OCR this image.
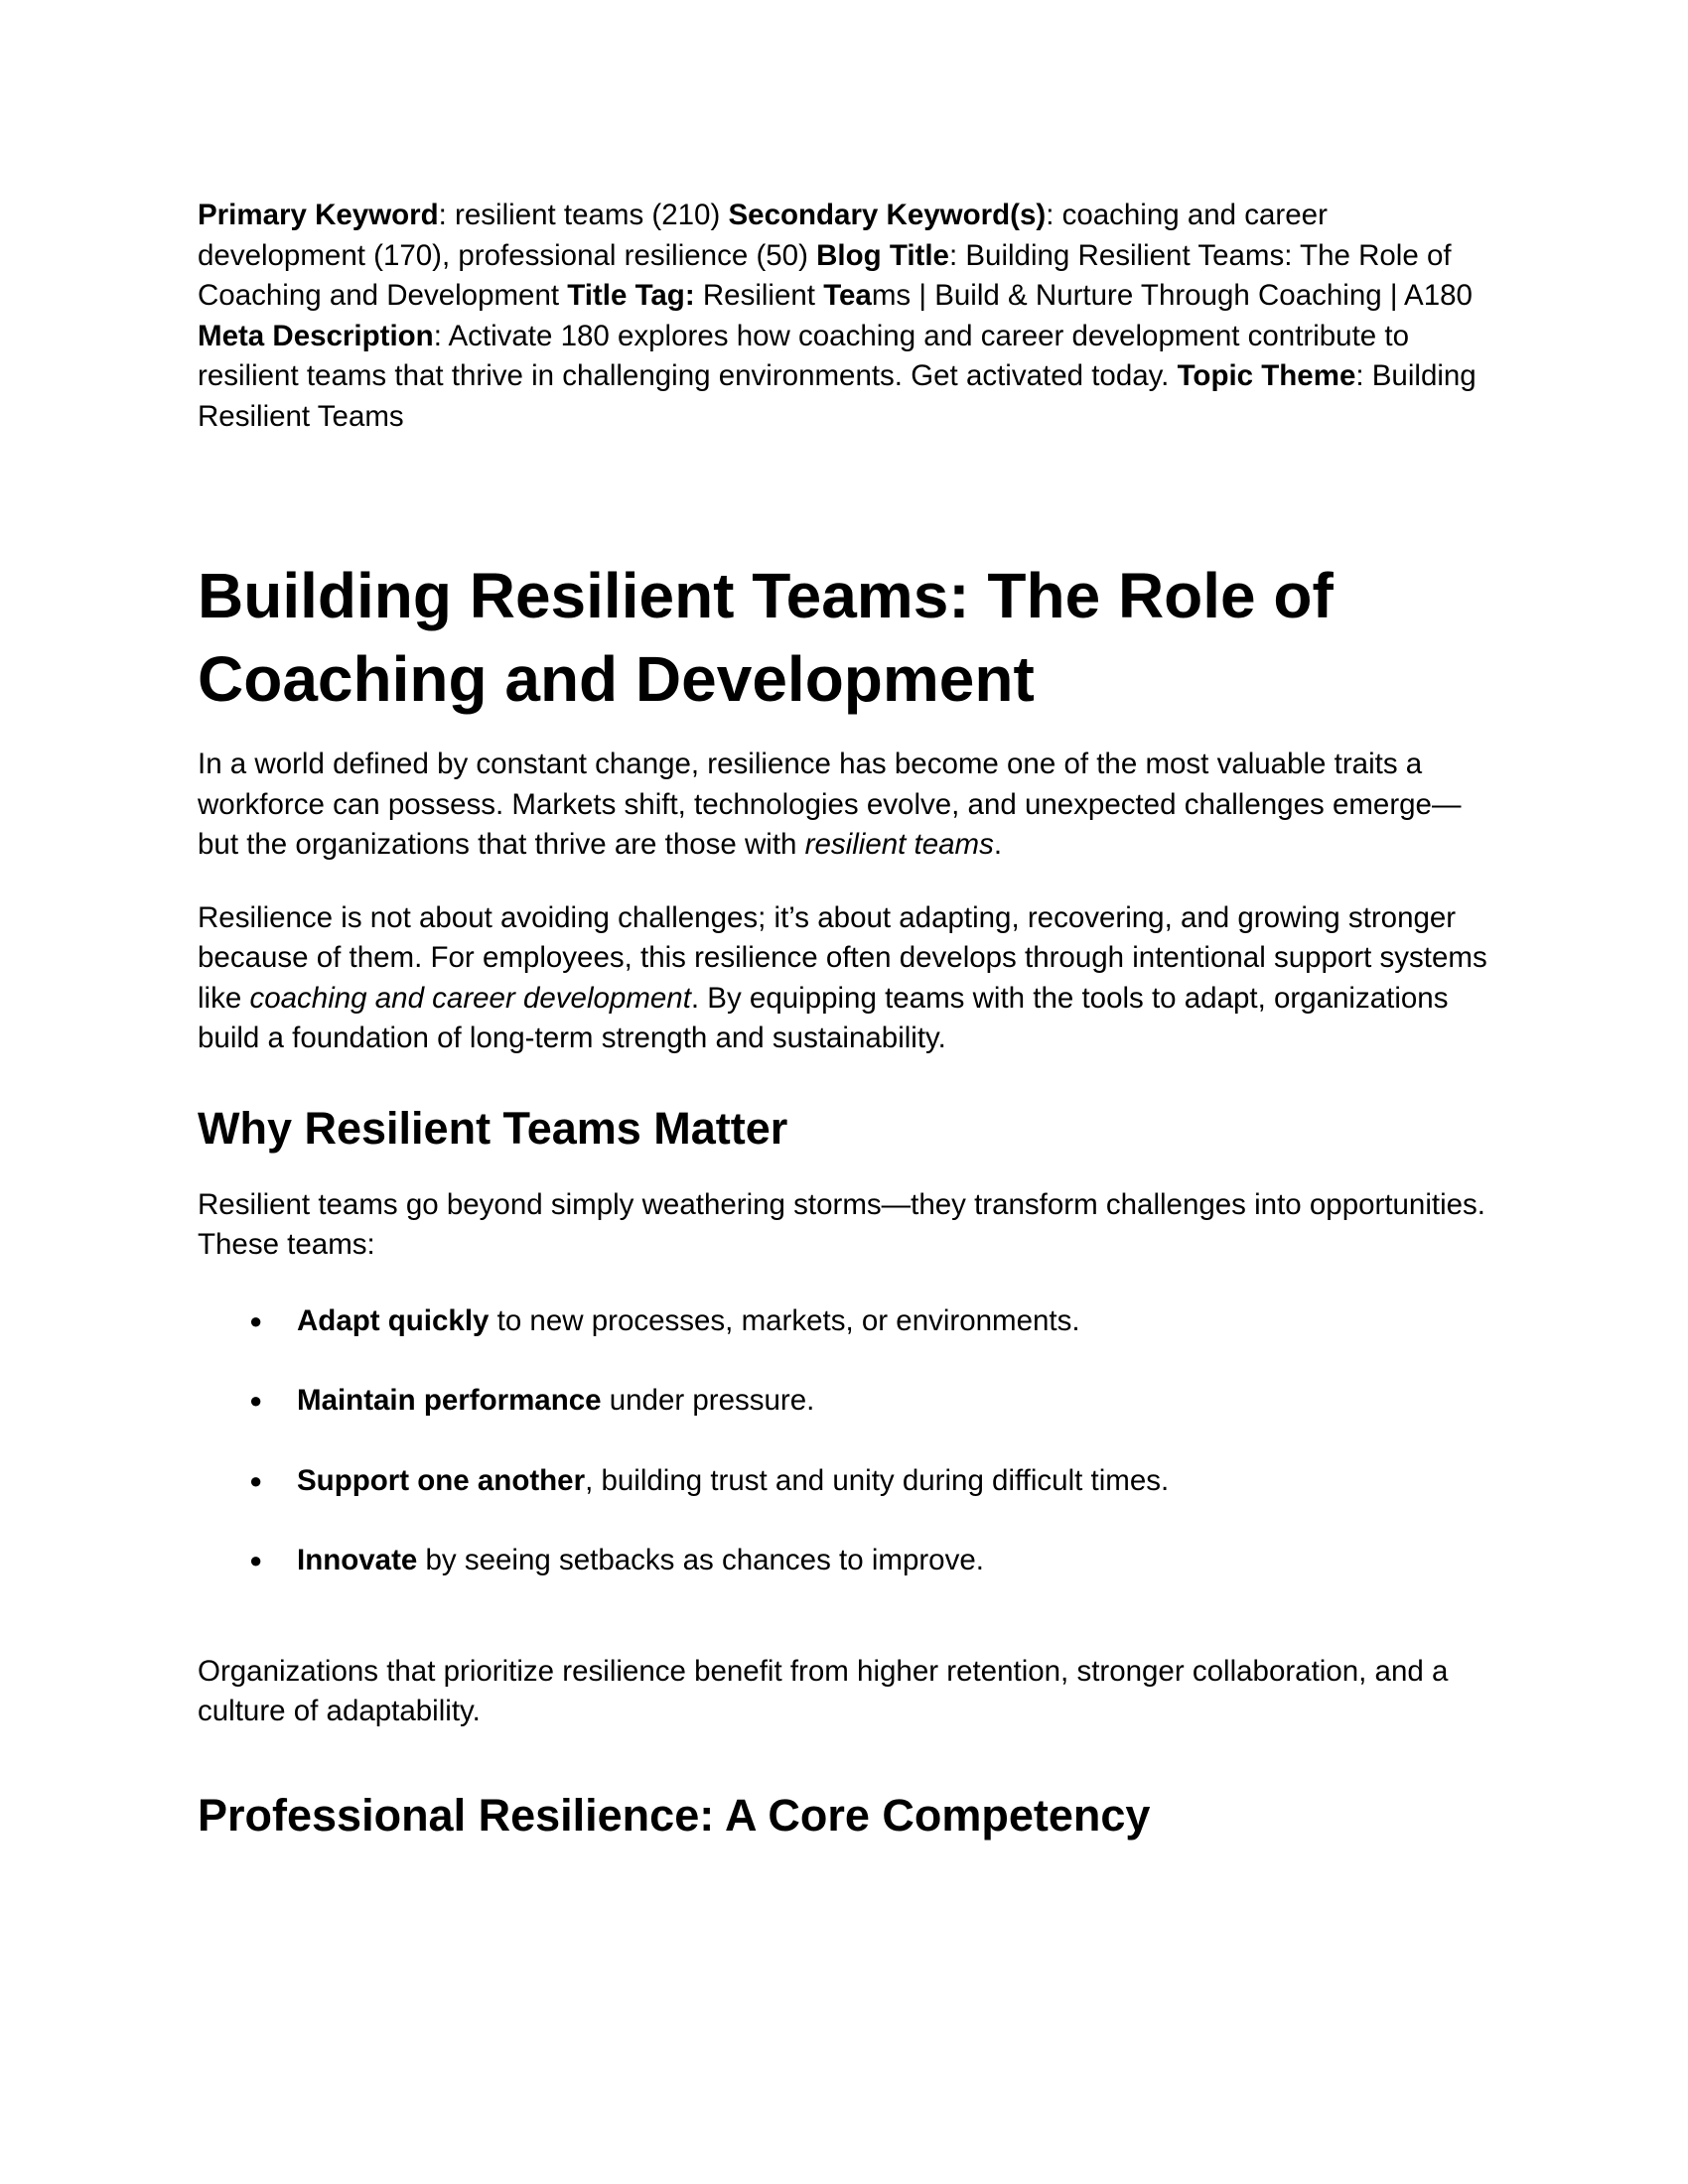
Primary Keyword: resilient teams (210) Secondary Keyword(s): coaching and career development (170), professional resilience (50) Blog Title: Building Resilient Teams: The Role of Coaching and Development Title Tag: Resilient Teams | Build & Nurture Through Coaching | A180 Meta Description: Activate 180 explores how coaching and career development contribute to resilient teams that thrive in challenging environments. Get activated today. Topic Theme: Building Resilient Teams

Building Resilient Teams: The Role of Coaching and Development

In a world defined by constant change, resilience has become one of the most valuable traits a workforce can possess. Markets shift, technologies evolve, and unexpected challenges emerge—but the organizations that thrive are those with resilient teams.

Resilience is not about avoiding challenges; it’s about adapting, recovering, and growing stronger because of them. For employees, this resilience often develops through intentional support systems like coaching and career development. By equipping teams with the tools to adapt, organizations build a foundation of long-term strength and sustainability.

Why Resilient Teams Matter

Resilient teams go beyond simply weathering storms—they transform challenges into opportunities. These teams:

● Adapt quickly to new processes, markets, or environments.
● Maintain performance under pressure.
● Support one another, building trust and unity during difficult times.
● Innovate by seeing setbacks as chances to improve.

Organizations that prioritize resilience benefit from higher retention, stronger collaboration, and a culture of adaptability.

Professional Resilience: A Core Competency
